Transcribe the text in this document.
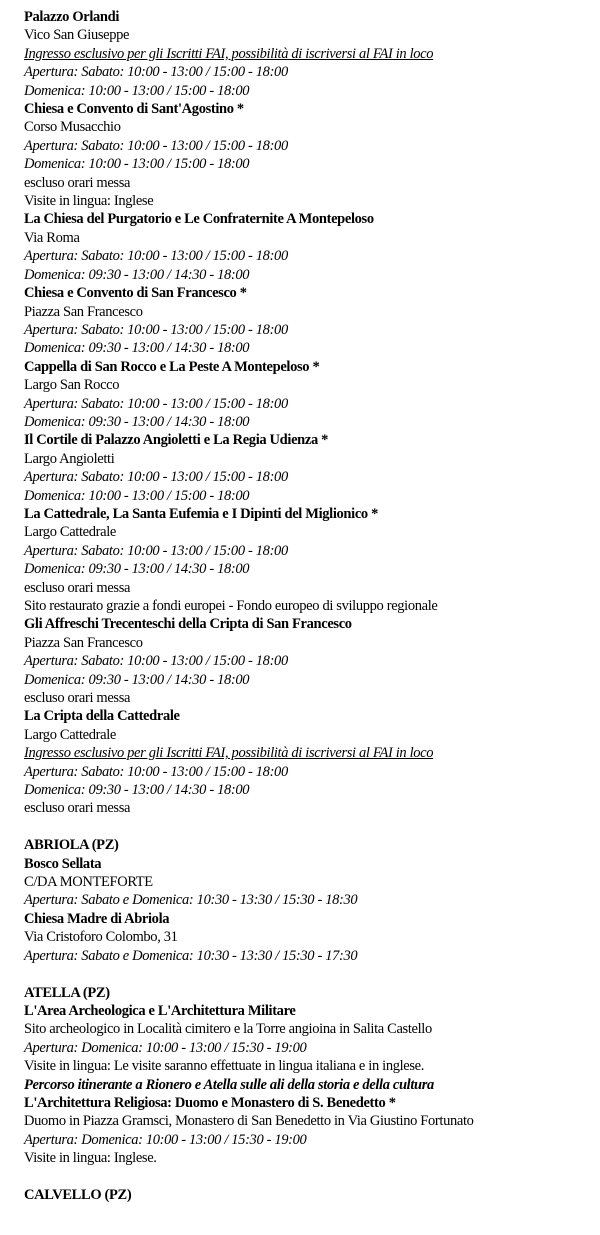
Palazzo Orlandi
Vico San Giuseppe
Ingresso esclusivo per gli Iscritti FAI, possibilità di iscriversi al FAI in loco
Apertura: Sabato: 10:00 - 13:00 / 15:00 - 18:00
Domenica: 10:00 - 13:00 / 15:00 - 18:00
Chiesa e Convento di Sant'Agostino *
Corso Musacchio
Apertura: Sabato: 10:00 - 13:00 / 15:00 - 18:00
Domenica: 10:00 - 13:00 / 15:00 - 18:00
escluso orari messa
Visite in lingua: Inglese
La Chiesa del Purgatorio e Le Confraternite A Montepeloso
Via Roma
Apertura: Sabato: 10:00 - 13:00 / 15:00 - 18:00
Domenica: 09:30 - 13:00 / 14:30 - 18:00
Chiesa e Convento di San Francesco *
Piazza San Francesco
Apertura: Sabato: 10:00 - 13:00 / 15:00 - 18:00
Domenica: 09:30 - 13:00 / 14:30 - 18:00
Cappella di San Rocco e La Peste A Montepeloso *
Largo San Rocco
Apertura: Sabato: 10:00 - 13:00 / 15:00 - 18:00
Domenica: 09:30 - 13:00 / 14:30 - 18:00
Il Cortile di Palazzo Angioletti e La Regia Udienza *
Largo Angioletti
Apertura: Sabato: 10:00 - 13:00 / 15:00 - 18:00
Domenica: 10:00 - 13:00 / 15:00 - 18:00
La Cattedrale, La Santa Eufemia e I Dipinti del Miglionico *
Largo Cattedrale
Apertura: Sabato: 10:00 - 13:00 / 15:00 - 18:00
Domenica: 09:30 - 13:00 / 14:30 - 18:00
escluso orari messa
Sito restaurato grazie a fondi europei - Fondo europeo di sviluppo regionale
Gli Affreschi Trecenteschi della Cripta di San Francesco
Piazza San Francesco
Apertura: Sabato: 10:00 - 13:00 / 15:00 - 18:00
Domenica: 09:30 - 13:00 / 14:30 - 18:00
escluso orari messa
La Cripta della Cattedrale
Largo Cattedrale
Ingresso esclusivo per gli Iscritti FAI, possibilità di iscriversi al FAI in loco
Apertura: Sabato: 10:00 - 13:00 / 15:00 - 18:00
Domenica: 09:30 - 13:00 / 14:30 - 18:00
escluso orari messa
ABRIOLA (PZ)
Bosco Sellata
C/DA MONTEFORTE
Apertura: Sabato e Domenica: 10:30 - 13:30 / 15:30 - 18:30
Chiesa Madre di Abriola
Via Cristoforo Colombo, 31
Apertura: Sabato e Domenica: 10:30 - 13:30 / 15:30 - 17:30
ATELLA (PZ)
L'Area Archeologica e L'Architettura Militare
Sito archeologico in Località cimitero e la Torre angioina in Salita Castello
Apertura: Domenica: 10:00 - 13:00 / 15:30 - 19:00
Visite in lingua: Le visite saranno effettuate in lingua italiana e in inglese.
Percorso itinerante a Rionero e Atella sulle ali della storia e della cultura
L'Architettura Religiosa: Duomo e Monastero di S. Benedetto *
Duomo in Piazza Gramsci, Monastero di San Benedetto in Via Giustino Fortunato
Apertura: Domenica: 10:00 - 13:00 / 15:30 - 19:00
Visite in lingua: Inglese.
CALVELLO (PZ)
